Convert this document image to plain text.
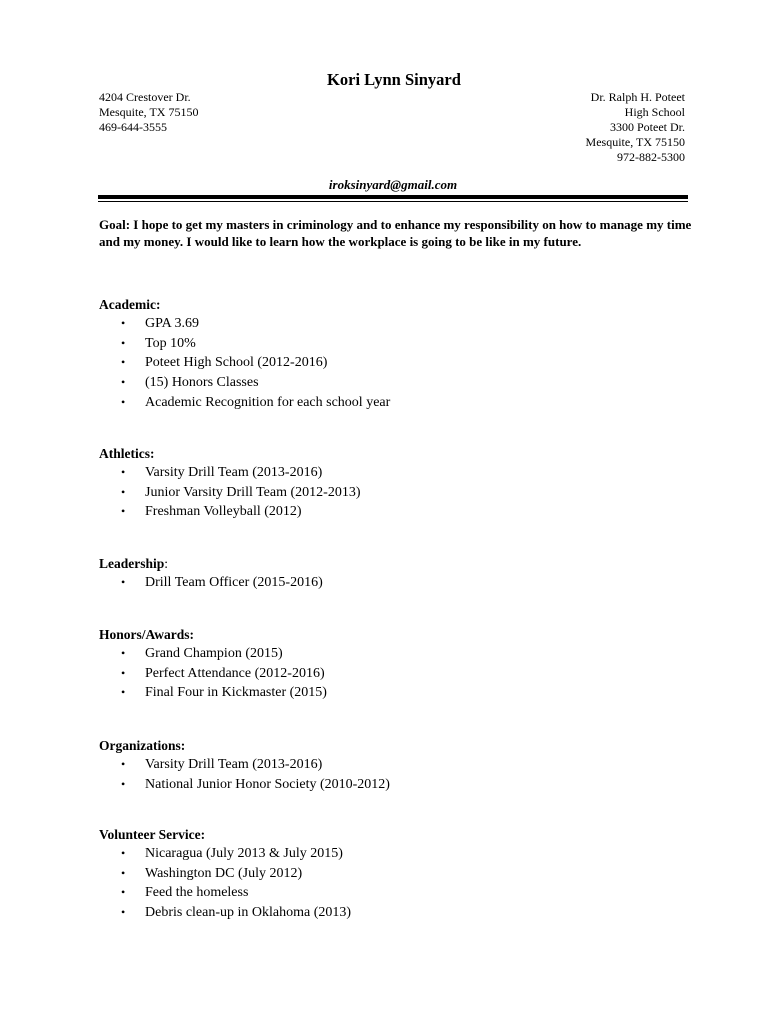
Kori Lynn Sinyard
4204 Crestover Dr.
Mesquite, TX 75150
469-644-3555
Dr. Ralph H. Poteet
High School
3300 Poteet Dr.
Mesquite, TX 75150
972-882-5300
iroksinyard@gmail.com
Goal: I hope to get my masters in criminology and to enhance my responsibility on how to manage my time and my money. I would like to learn how the workplace is going to be like in my future.
Academic:
• GPA 3.69
• Top 10%
• Poteet High School (2012-2016)
• (15) Honors Classes
• Academic Recognition for each school year
Athletics:
• Varsity Drill Team (2013-2016)
• Junior Varsity Drill Team (2012-2013)
• Freshman Volleyball (2012)
Leadership:
• Drill Team Officer (2015-2016)
Honors/Awards:
• Grand Champion (2015)
• Perfect Attendance (2012-2016)
• Final Four in Kickmaster (2015)
Organizations:
• Varsity Drill Team (2013-2016)
• National Junior Honor Society (2010-2012)
Volunteer Service:
• Nicaragua (July 2013 & July 2015)
• Washington DC (July 2012)
• Feed the homeless
• Debris clean-up in Oklahoma (2013)
